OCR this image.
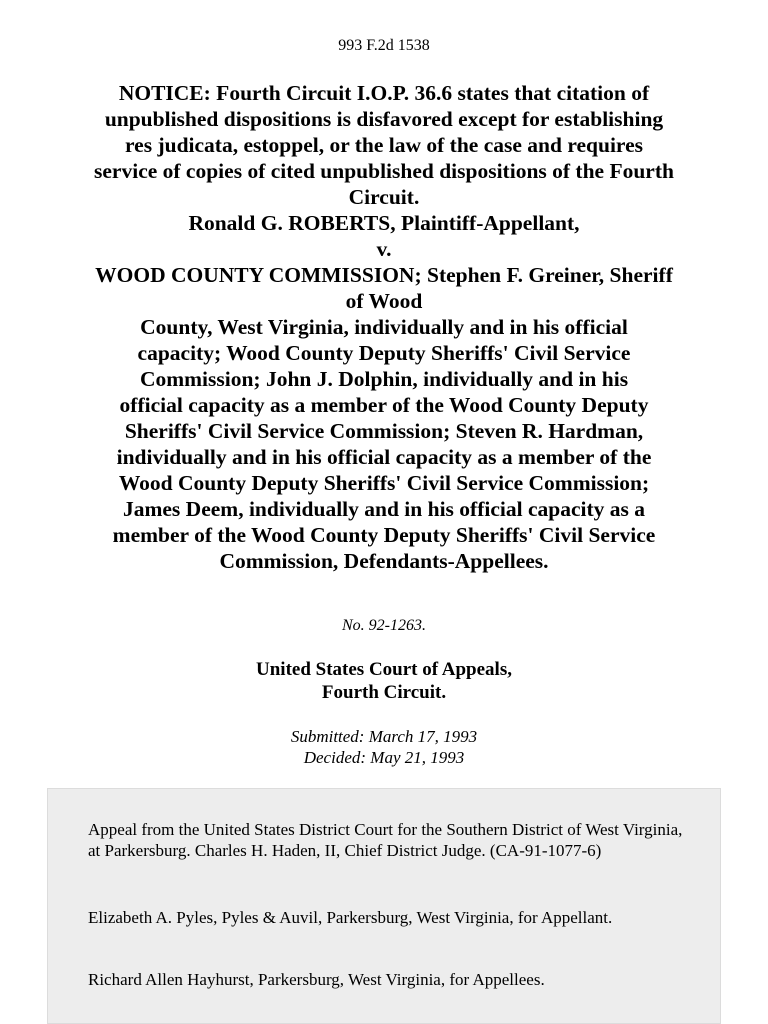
993 F.2d 1538
NOTICE: Fourth Circuit I.O.P. 36.6 states that citation of
unpublished dispositions is disfavored except for establishing
res judicata, estoppel, or the law of the case and requires
service of copies of cited unpublished dispositions of the Fourth
Circuit.
Ronald G. ROBERTS, Plaintiff-Appellant,
v.
WOOD COUNTY COMMISSION; Stephen F. Greiner, Sheriff
of Wood
County, West Virginia, individually and in his official
capacity; Wood County Deputy Sheriffs' Civil Service
Commission; John J. Dolphin, individually and in his
official capacity as a member of the Wood County Deputy
Sheriffs' Civil Service Commission; Steven R. Hardman,
individually and in his official capacity as a member of the
Wood County Deputy Sheriffs' Civil Service Commission;
James Deem, individually and in his official capacity as a
member of the Wood County Deputy Sheriffs' Civil Service
Commission, Defendants-Appellees.
No. 92-1263.
United States Court of Appeals,
Fourth Circuit.
Submitted: March 17, 1993
Decided: May 21, 1993

Appeal from the United States District Court for the Southern District of West Virginia, at Parkersburg. Charles H. Haden, II, Chief District Judge. (CA-91-1077-6)

Elizabeth A. Pyles, Pyles & Auvil, Parkersburg, West Virginia, for Appellant.

Richard Allen Hayhurst, Parkersburg, West Virginia, for Appellees.
